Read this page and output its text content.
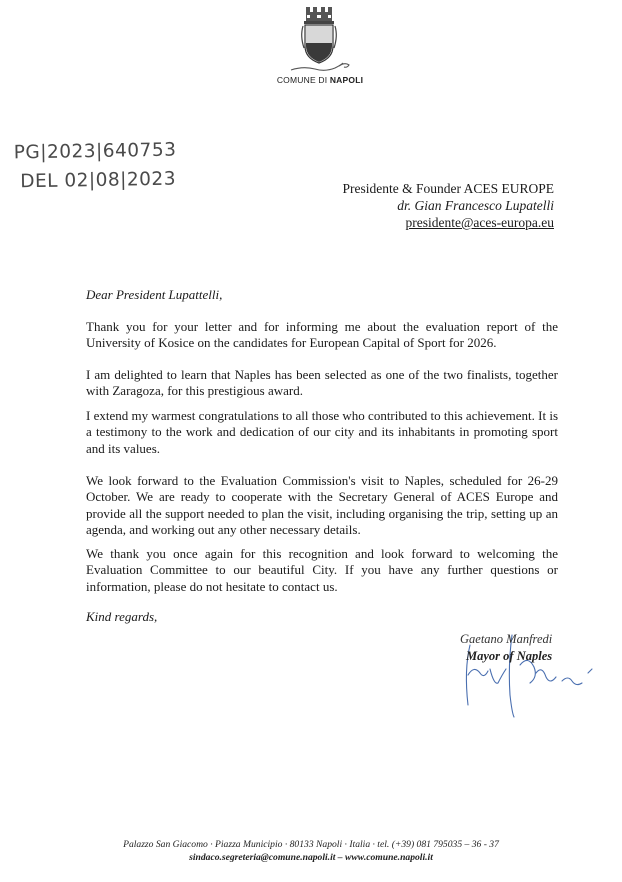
COMUNE DI NAPOLI
PG|2023|640753
DEL 02|08|2023	Presidente & Founder ACES EUROPE
dr. Gian Francesco Lupatelli
presidente@aces-europa.eu
Dear President Lupattelli,

Thank you for your letter and for informing me about the evaluation report of the University of Kosice on the candidates for European Capital of Sport for 2026.

I am delighted to learn that Naples has been selected as one of the two finalists, together with Zaragoza, for this prestigious award.

I extend my warmest congratulations to all those who contributed to this achievement. It is a testimony to the work and dedication of our city and its inhabitants in promoting sport and its values.

We look forward to the Evaluation Commission's visit to Naples, scheduled for 26-29 October. We are ready to cooperate with the Secretary General of ACES Europe and provide all the support needed to plan the visit, including organising the trip, setting up an agenda, and working out any other necessary details.

We thank you once again for this recognition and look forward to welcoming the Evaluation Committee to our beautiful City. If you have any further questions or information, please do not hesitate to contact us.

Kind regards,
Gaetano Manfredi
Mayor of Naples
Palazzo San Giacomo · Piazza Municipio · 80133 Napoli · Italia · tel. (+39) 081 795035 – 36 - 37
sindaco.segreteria@comune.napoli.it – www.comune.napoli.it
